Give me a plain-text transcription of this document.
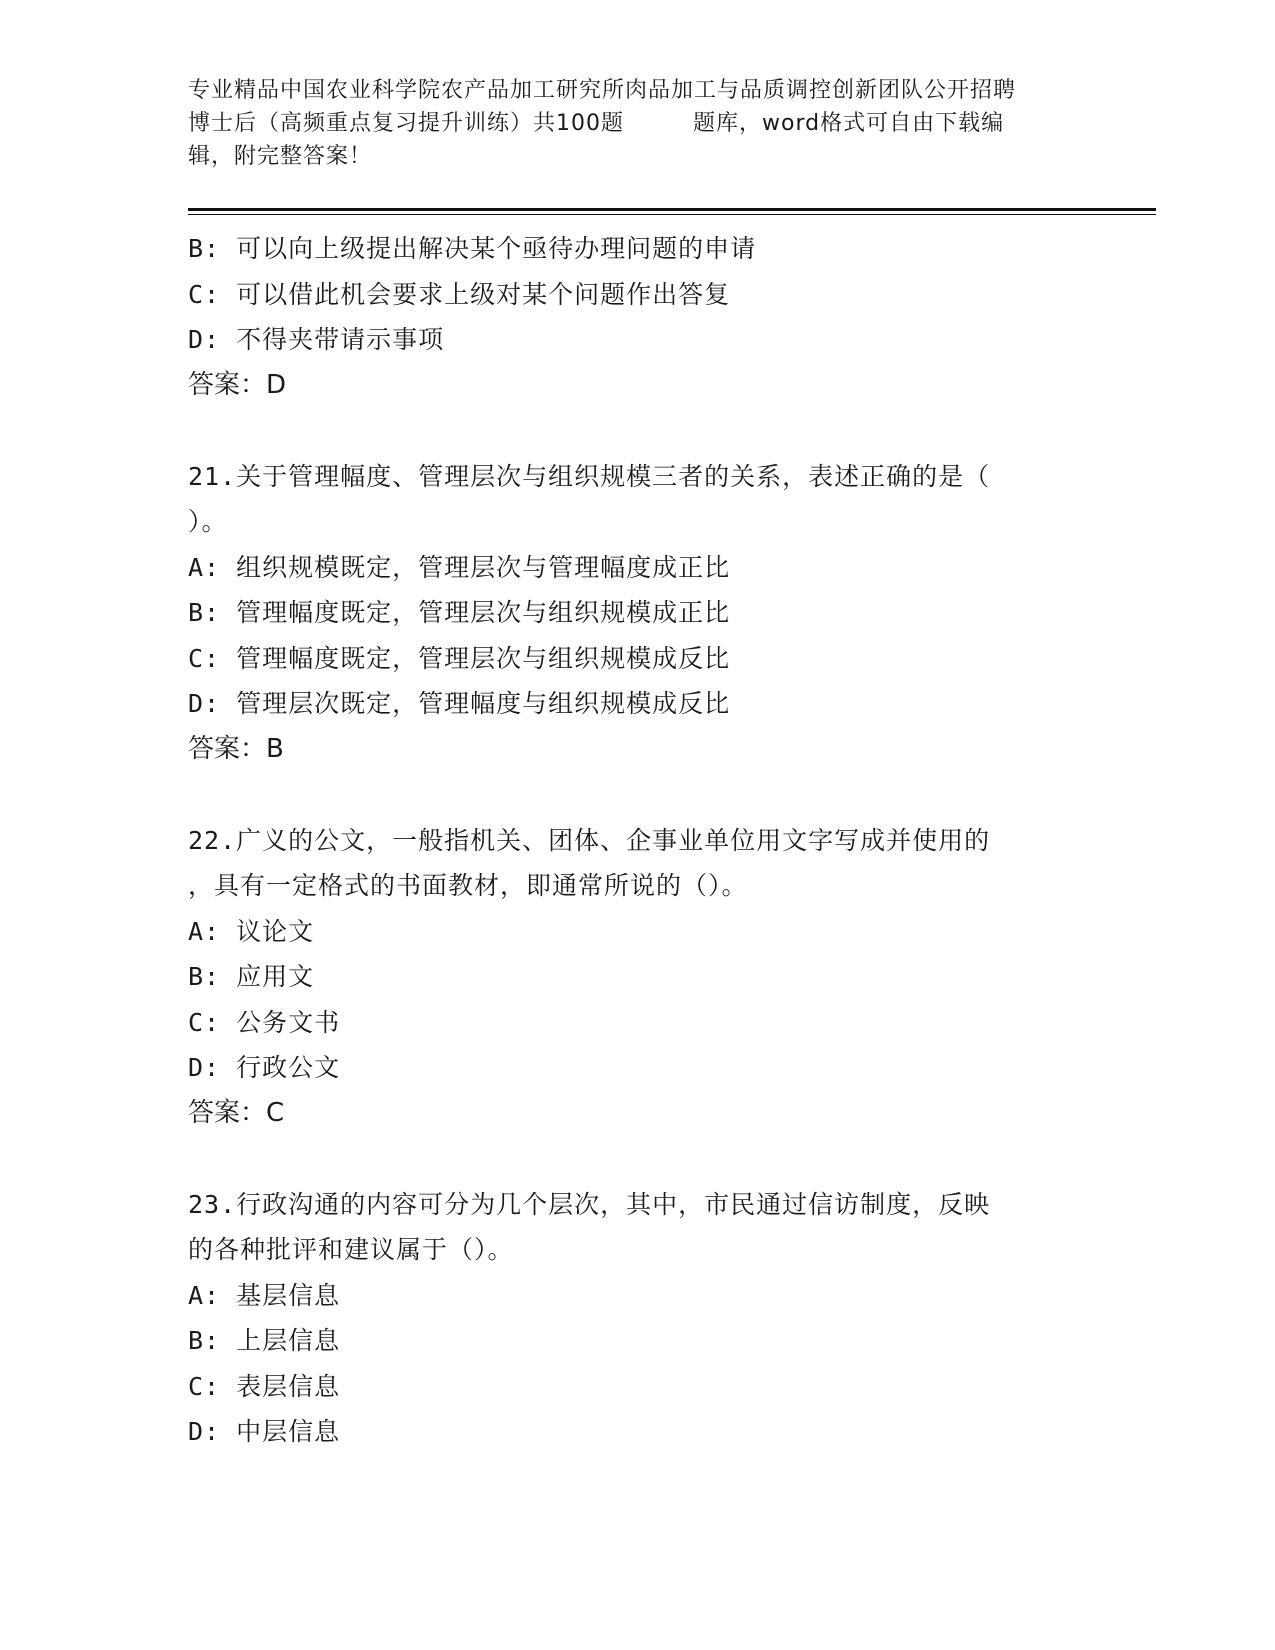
专业精品中国农业科学院农产品加工研究所肉品加工与品质调控创新团队公开招聘
博士后（高频重点复习提升训练）共100题　　　题库，word格式可自由下载编
辑，附完整答案！
B: 可以向上级提出解决某个亟待办理问题的申请
C: 可以借此机会要求上级对某个问题作出答复
D: 不得夹带请示事项
答案：D
21.关于管理幅度、管理层次与组织规模三者的关系，表述正确的是（
）。
A: 组织规模既定，管理层次与管理幅度成正比
B: 管理幅度既定，管理层次与组织规模成正比
C: 管理幅度既定，管理层次与组织规模成反比
D: 管理层次既定，管理幅度与组织规模成反比
答案：B
22.广义的公文，一般指机关、团体、企事业单位用文字写成并使用的
，具有一定格式的书面教材，即通常所说的（）。
A: 议论文
B: 应用文
C: 公务文书
D: 行政公文
答案：C
23.行政沟通的内容可分为几个层次，其中，市民通过信访制度，反映
的各种批评和建议属于（）。
A: 基层信息
B: 上层信息
C: 表层信息
D: 中层信息
